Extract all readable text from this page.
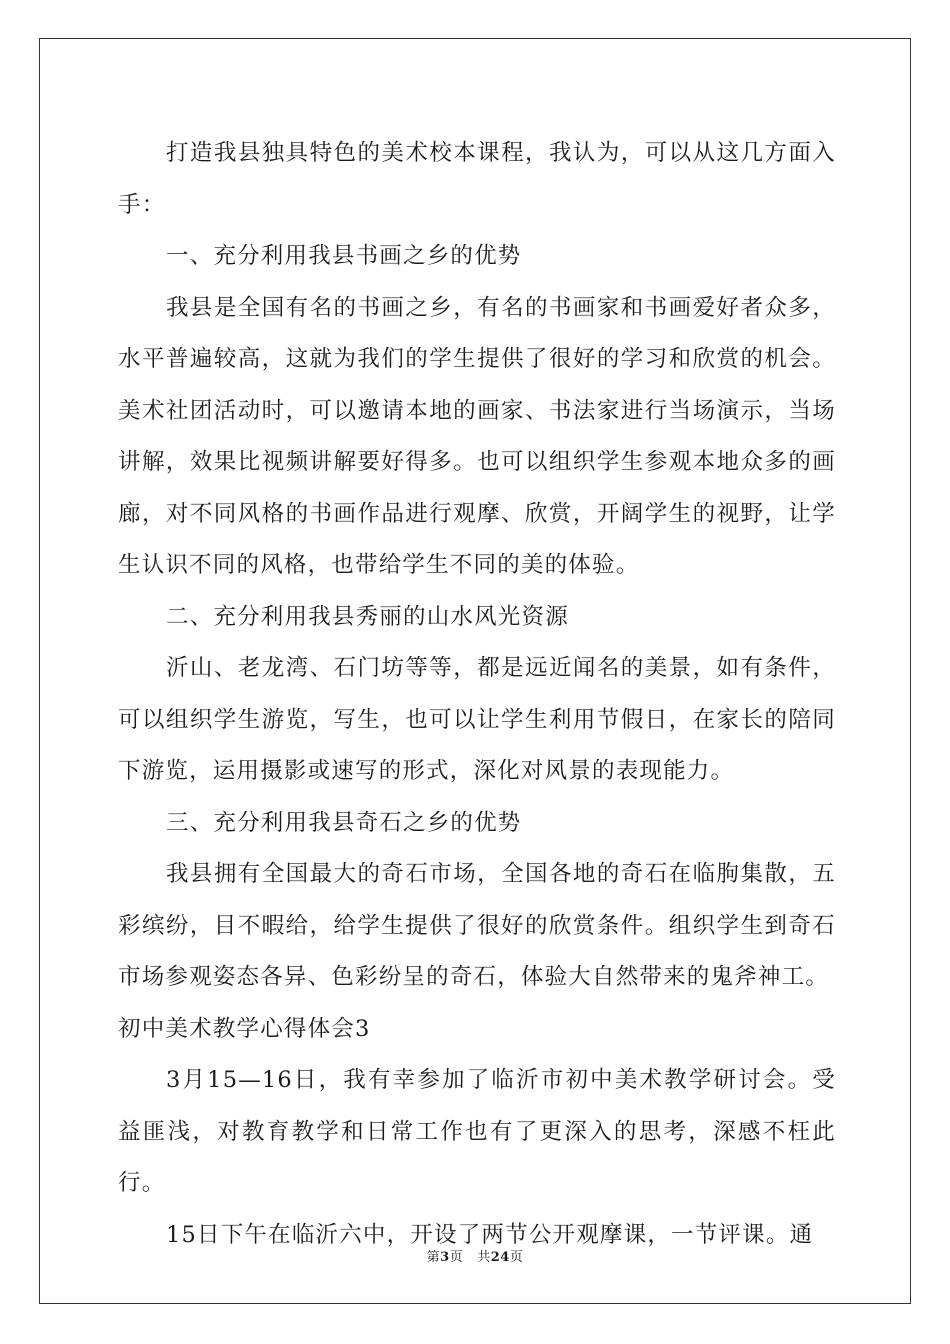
打造我县独具特色的美术校本课程，我认为，可以从这几方面入手：

一、充分利用我县书画之乡的优势

我县是全国有名的书画之乡，有名的书画家和书画爱好者众多，水平普遍较高，这就为我们的学生提供了很好的学习和欣赏的机会。美术社团活动时，可以邀请本地的画家、书法家进行当场演示，当场讲解，效果比视频讲解要好得多。也可以组织学生参观本地众多的画廊，对不同风格的书画作品进行观摩、欣赏，开阔学生的视野，让学生认识不同的风格，也带给学生不同的美的体验。

二、充分利用我县秀丽的山水风光资源

沂山、老龙湾、石门坊等等，都是远近闻名的美景，如有条件，可以组织学生游览，写生，也可以让学生利用节假日，在家长的陪同下游览，运用摄影或速写的形式，深化对风景的表现能力。

三、充分利用我县奇石之乡的优势

我县拥有全国最大的奇石市场，全国各地的奇石在临朐集散，五彩缤纷，目不暇给，给学生提供了很好的欣赏条件。组织学生到奇石市场参观姿态各异、色彩纷呈的奇石，体验大自然带来的鬼斧神工。

初中美术教学心得体会3

3月15—16日，我有幸参加了临沂市初中美术教学研讨会。受益匪浅，对教育教学和日常工作也有了更深入的思考，深感不枉此行。

15日下午在临沂六中，开设了两节公开观摩课，一节评课。通

第3页 共24页
